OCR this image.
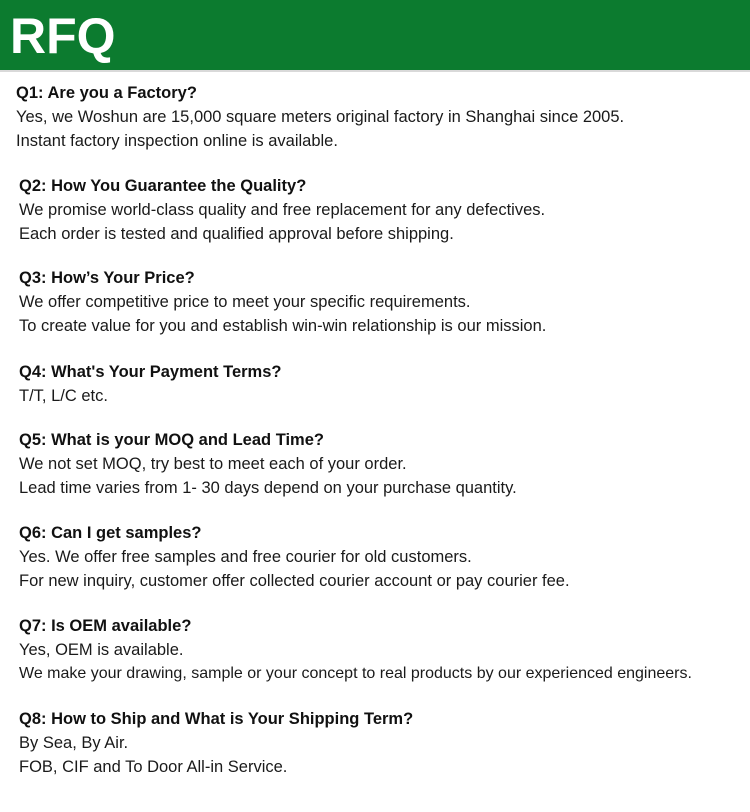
RFQ
Q1: Are you a Factory?
Yes, we Woshun are 15,000 square meters original factory in Shanghai since 2005.
Instant factory inspection online is available.
Q2: How You Guarantee the Quality?
We promise world-class quality and free replacement for any defectives.
Each order is tested and qualified approval before shipping.
Q3: How’s Your Price?
We offer competitive price to meet your specific requirements.
To create value for you and establish win-win relationship is our mission.
Q4: What's Your Payment Terms?
T/T, L/C etc.
Q5: What is your MOQ and Lead Time?
We not set MOQ, try best to meet each of your order.
Lead time varies from 1- 30 days depend on your purchase quantity.
Q6: Can I get samples?
Yes. We offer free samples and free courier for old customers.
For new inquiry, customer offer collected courier account or pay courier fee.
Q7: Is OEM available?
Yes, OEM is available.
We make your drawing, sample or your concept to real products by our experienced engineers.
Q8: How to Ship and What is Your Shipping Term?
By Sea, By Air.
FOB, CIF and To Door All-in Service.
